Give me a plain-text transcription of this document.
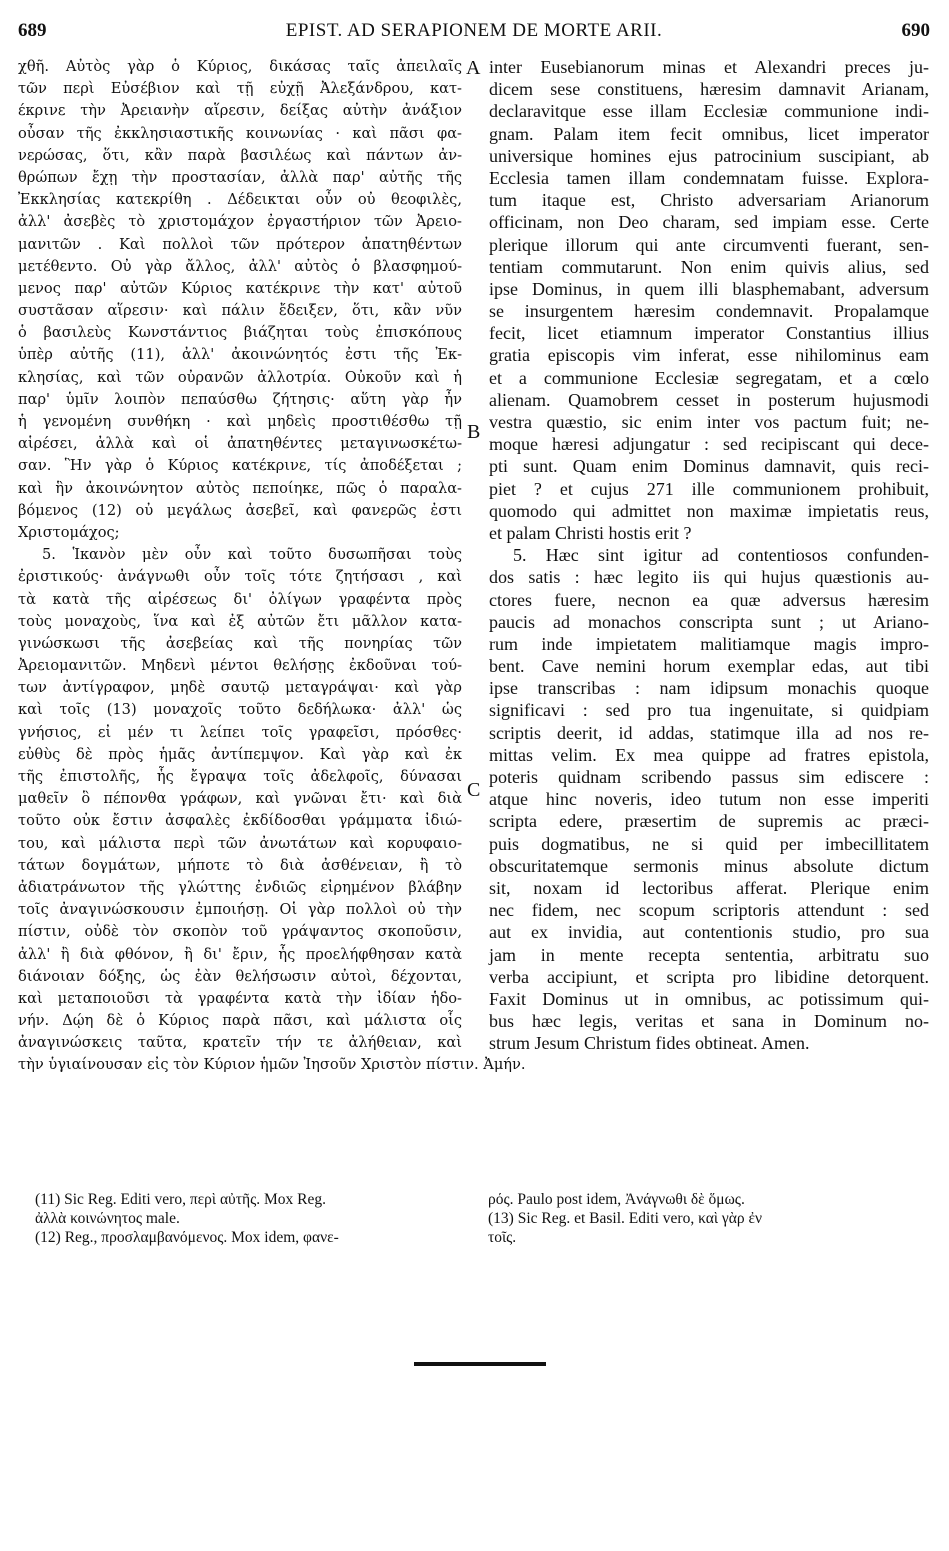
689	EPIST. AD SERAPIONEM DE MORTE ARII.	690
χθῆ. Αὐτὸς γὰρ ὁ Κύριος, δικάσας ταῖς ἀπειλαῖς
τῶν περὶ Εὐσέβιον καὶ τῇ εὐχῇ Ἀλεξάνδρου, κατ-
έκρινε τὴν Ἀρειανὴν αἵρεσιν, δείξας αὐτὴν ἀνάξιον
οὖσαν τῆς ἐκκλησιαστικῆς κοινωνίας · καὶ πᾶσι φα-
νερώσας, ὅτι, κἂν παρὰ βασιλέως καὶ πάντων ἀν-
θρώπων ἔχῃ τὴν προστασίαν, ἀλλὰ παρ' αὐτῆς τῆς
Ἐκκλησίας κατεκρίθη . Δέδεικται οὖν οὐ θεοφιλὲς,
ἀλλ' ἀσεβὲς τὸ χριστομάχον ἐργαστήριον τῶν Ἀρειο-
μανιτῶν . Καὶ πολλοὶ τῶν πρότερον ἀπατηθέντων
μετέθεντο. Οὐ γὰρ ἄλλος, ἀλλ' αὐτὸς ὁ βλασφημού-
μενος παρ' αὐτῶν Κύριος κατέκρινε τὴν κατ' αὐτοῦ
συστᾶσαν αἵρεσιν· καὶ πάλιν ἔδειξεν, ὅτι, κἂν νῦν
ὁ βασιλεὺς Κωνστάντιος βιάζηται τοὺς ἐπισκόπους
ὑπὲρ αὐτῆς (11), ἀλλ' ἀκοινώνητός ἐστι τῆς Ἐκ-
κλησίας, καὶ τῶν οὐρανῶν ἀλλοτρία. Οὐκοῦν καὶ ἡ
παρ' ὑμῖν λοιπὸν πεπαύσθω ζήτησις· αὕτη γὰρ ἦν
ἡ γενομένη συνθήκη · καὶ μηδεὶς προστιθέσθω τῇ
αἱρέσει, ἀλλὰ καὶ οἱ ἀπατηθέντες μεταγινωσκέτω-
σαν. Ἣν γὰρ ὁ Κύριος κατέκρινε, τίς ἀποδέξεται ;
καὶ ἣν ἀκοινώνητον αὐτὸς πεποίηκε, πῶς ὁ παραλα-
βόμενος (12) οὐ μεγάλως ἀσεβεῖ, καὶ φανερῶς ἐστι
Χριστομάχος;
5. Ἱκανὸν μὲν οὖν καὶ τοῦτο δυσωπῆσαι τοὺς
ἐριστικούς· ἀνάγνωθι οὖν τοῖς τότε ζητήσασι , καὶ
τὰ κατὰ τῆς αἱρέσεως δι' ὀλίγων γραφέντα πρὸς
τοὺς μοναχοὺς, ἵνα καὶ ἐξ αὐτῶν ἔτι μᾶλλον κατα-
γινώσκωσι τῆς ἀσεβείας καὶ τῆς πονηρίας τῶν
Ἀρειομανιτῶν. Μηδενὶ μέντοι θελήσῃς ἐκδοῦναι τού-
των ἀντίγραφον, μηδὲ σαυτῷ μεταγράψαι· καὶ γὰρ
καὶ τοῖς (13) μοναχοῖς τοῦτο δεδήλωκα· ἀλλ' ὡς
γνήσιος, εἰ μέν τι λείπει τοῖς γραφεῖσι, πρόσθες·
εὐθὺς δὲ πρὸς ἡμᾶς ἀντίπεμψον. Καὶ γὰρ καὶ ἐκ
τῆς ἐπιστολῆς, ἧς ἔγραψα τοῖς ἀδελφοῖς, δύνασαι
μαθεῖν ὃ πέπονθα γράφων, καὶ γνῶναι ἔτι· καὶ διὰ
τοῦτο οὐκ ἔστιν ἀσφαλὲς ἐκδίδοσθαι γράμματα ἰδιώ-
του, καὶ μάλιστα περὶ τῶν ἀνωτάτων καὶ κορυφαιο-
τάτων δογμάτων, μήποτε τὸ διὰ ἀσθένειαν, ἢ τὸ
ἀδιατράνωτον τῆς γλώττης ἐνδιῶς εἰρημένον βλάβην
τοῖς ἀναγινώσκουσιν ἐμποιήσῃ. Οἱ γὰρ πολλοὶ οὐ τὴν
πίστιν, οὐδὲ τὸν σκοπὸν τοῦ γράψαντος σκοποῦσιν,
ἀλλ' ἢ διὰ φθόνον, ἢ δι' ἔριν, ἧς προελήφθησαν κατὰ
διάνοιαν δόξης, ὡς ἐὰν θελήσωσιν αὐτοὶ, δέχονται,
καὶ μεταποιοῦσι τὰ γραφέντα κατὰ τὴν ἰδίαν ἡδο-
νήν. Δῴη δὲ ὁ Κύριος παρὰ πᾶσι, καὶ μάλιστα οἷς
ἀναγινώσκεις ταῦτα, κρατεῖν τήν τε ἀλήθειαν, καὶ
τὴν ὑγιαίνουσαν εἰς τὸν Κύριον ἡμῶν Ἰησοῦν Χριστὸν πίστιν. Ἀμήν.
inter Eusebianorum minas et Alexandri preces ju-
dicem sese constituens, hæresim damnavit Arianam,
declaravitque esse illam Ecclesiæ communione indi-
gnam. Palam item fecit omnibus, licet imperator
universique homines ejus patrocinium suscipiant, ab
Ecclesia tamen illam condemnatam fuisse. Explora-
tum itaque est, Christo adversariam Arianorum
officinam, non Deo charam, sed impiam esse. Certe
plerique illorum qui ante circumventi fuerant, sen-
tentiam commutarunt. Non enim quivis alius, sed
ipse Dominus, in quem illi blasphemabant, adversum
se insurgentem hæresim condemnavit. Propalamque
fecit, licet etiamnum imperator Constantius illius
gratia episcopis vim inferat, esse nihilominus eam
et a communione Ecclesiæ segregatam, et a cœlo
alienam. Quamobrem cesset in posterum hujusmodi
vestra quæstio, sic enim inter vos pactum fuit; ne-
moque hæresi adjungatur : sed recipiscant qui dece-
pti sunt. Quam enim Dominus damnavit, quis reci-
piet ? et cujus 271 ille communionem prohibuit,
quomodo qui admittet non maximæ impietatis reus,
et palam Christi hostis erit ?
5. Hæc sint igitur ad contentiosos confunden-
dos satis : hæc legito iis qui hujus quæstionis au-
ctores fuere, necnon ea quæ adversus hæresim
paucis ad monachos conscripta sunt ; ut Ariano-
rum inde impietatem malitiamque magis impro-
bent. Cave nemini horum exemplar edas, aut tibi
ipse transcribas : nam idipsum monachis quoque
significavi : sed pro tua ingenuitate, si quidpiam
scriptis deerit, id addas, statimque illa ad nos re-
mittas velim. Ex mea quippe ad fratres epistola,
poteris quidnam scribendo passus sim ediscere :
atque hinc noveris, ideo tutum non esse imperiti
scripta edere, præsertim de supremis ac præci-
puis dogmatibus, ne si quid per imbecillitatem
obscuritatemque sermonis minus absolute dictum
sit, noxam id lectoribus afferat. Plerique enim
nec fidem, nec scopum scriptoris attendunt : sed
aut ex invidia, aut contentionis studio, pro sua
jam in mente recepta sententia, arbitratu suo
verba accipiunt, et scripta pro libidine detorquent.
Faxit Dominus ut in omnibus, ac potissimum qui-
bus hæc legis, veritas et sana in Dominum no-
strum Jesum Christum fides obtineat. Amen.
A
B
C
(11) Sic Reg. Editi vero, περὶ αὐτῆς. Mox Reg.
ἀλλὰ κοινώνητος male.
(12) Reg., προσλαμβανόμενος. Mox idem, φανε-
ρός. Paulo post idem, Ἀνάγνωθι δὲ ὅμως.
(13) Sic Reg. et Basil. Editi vero, καὶ γὰρ ἐν
τοῖς.
